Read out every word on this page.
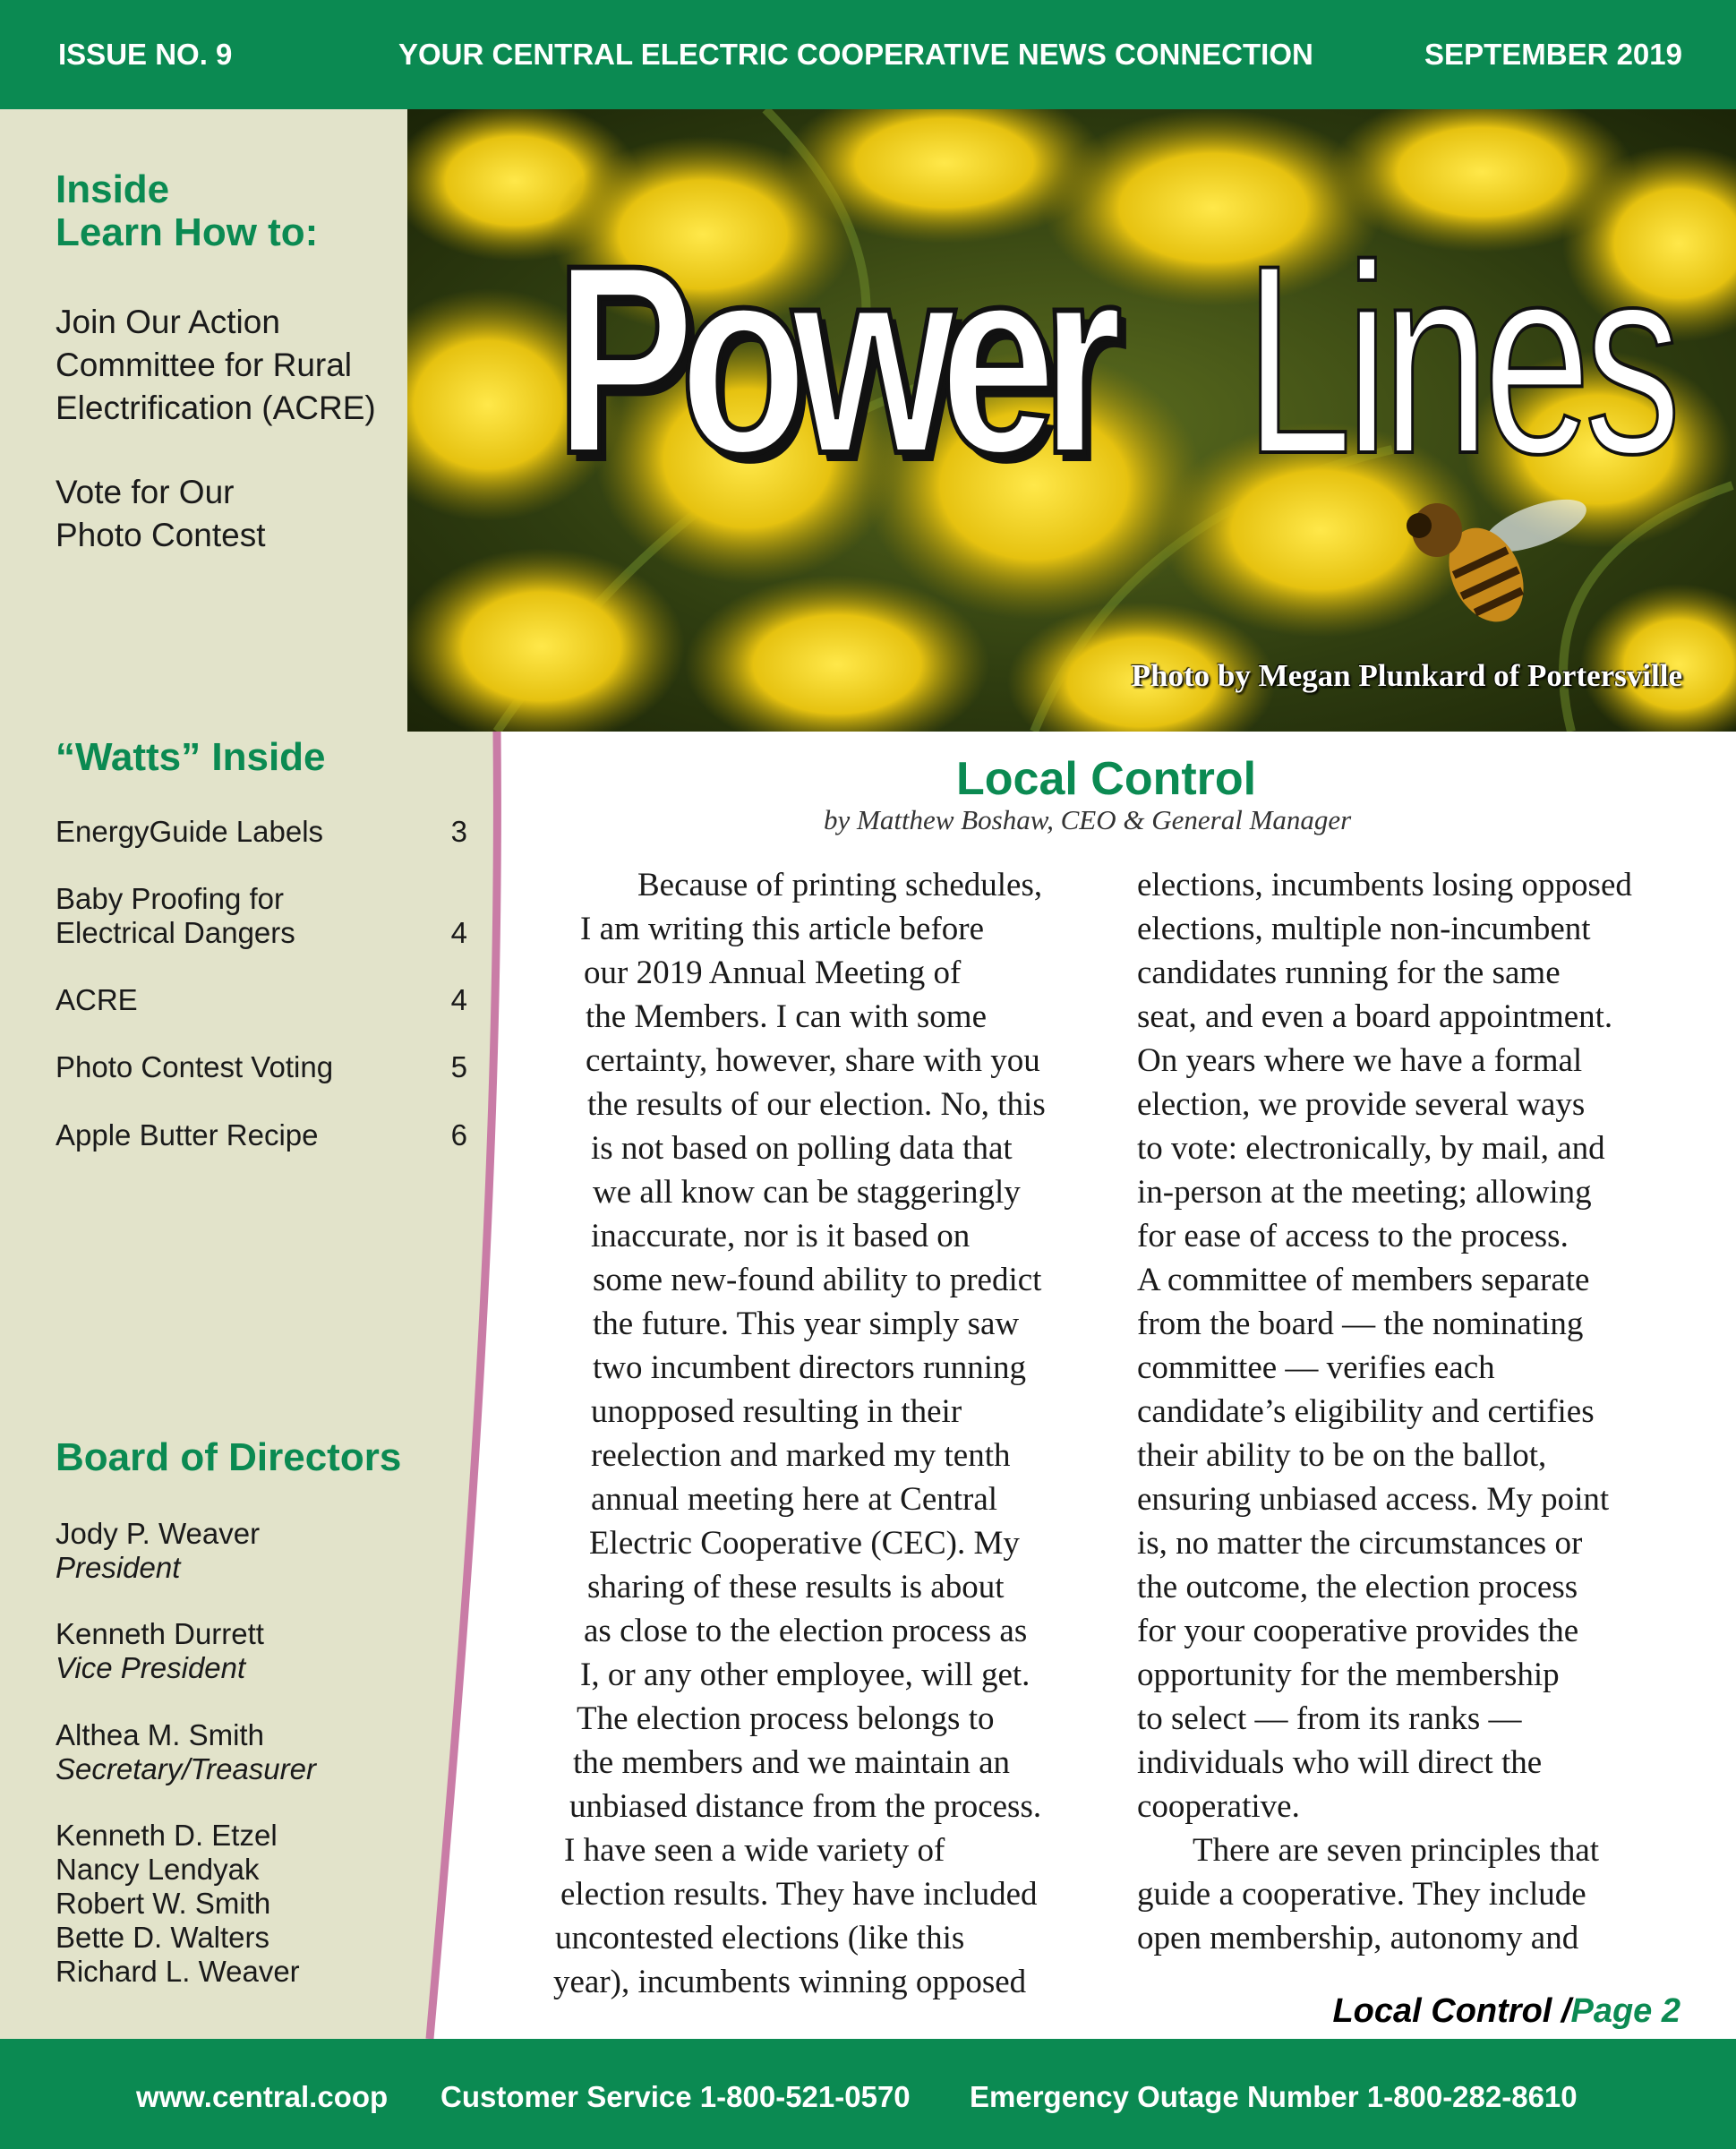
ISSUE NO. 9	YOUR CENTRAL ELECTRIC COOPERATIVE NEWS CONNECTION	SEPTEMBER 2019
Power Lines
Photo by Megan Plunkard of Portersville
Inside
Learn How to:
Join Our Action
Committee for Rural
Electrification (ACRE)
Vote for Our
Photo Contest
“Watts” Inside
EnergyGuide Labels	3
Baby Proofing for
Electrical Dangers	4
ACRE	4
Photo Contest Voting	5
Apple Butter Recipe	6
Board of Directors
Jody P. Weaver
President
Kenneth Durrett
Vice President
Althea M. Smith
Secretary/Treasurer
Kenneth D. Etzel
Nancy Lendyak
Robert W. Smith
Bette D. Walters
Richard L. Weaver
Local Control
by Matthew Boshaw, CEO & General Manager
Because of printing schedules,
I am writing this article before
our 2019 Annual Meeting of
the Members. I can with some
certainty, however, share with you
the results of our election. No, this
is not based on polling data that
we all know can be staggeringly
inaccurate, nor is it based on
some new-found ability to predict
the future. This year simply saw
two incumbent directors running
unopposed resulting in their
reelection and marked my tenth
annual meeting here at Central
Electric Cooperative (CEC). My
sharing of these results is about
as close to the election process as
I, or any other employee, will get.
The election process belongs to
the members and we maintain an
unbiased distance from the process.
I have seen a wide variety of
election results. They have included
uncontested elections (like this
year), incumbents winning opposed
elections, incumbents losing opposed
elections, multiple non-incumbent
candidates running for the same
seat, and even a board appointment.
On years where we have a formal
election, we provide several ways
to vote: electronically, by mail, and
in-person at the meeting; allowing
for ease of access to the process.
A committee of members separate
from the board — the nominating
committee — verifies each
candidate’s eligibility and certifies
their ability to be on the ballot,
ensuring unbiased access. My point
is, no matter the circumstances or
the outcome, the election process
for your cooperative provides the
opportunity for the membership
to select — from its ranks —
individuals who will direct the
cooperative.
There are seven principles that
guide a cooperative. They include
open membership, autonomy and
Local Control /Page 2
www.central.coop Customer Service 1-800-521-0570 Emergency Outage Number 1-800-282-8610
